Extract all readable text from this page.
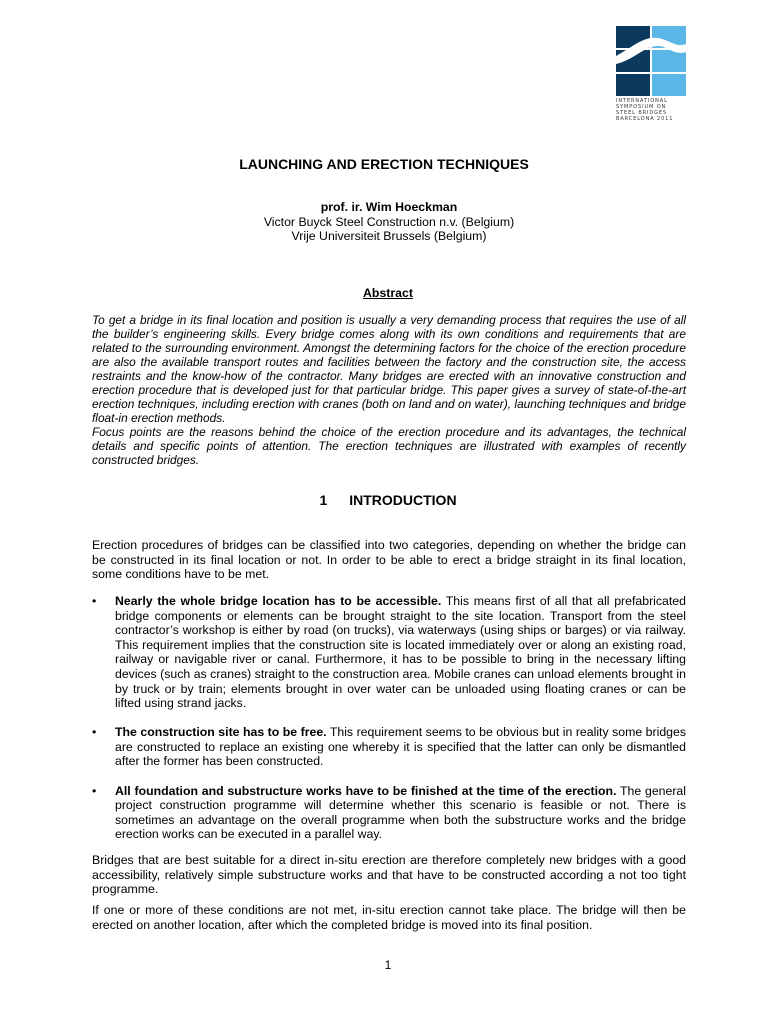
INTERNATIONAL
SYMPOSIUM ON
STEEL BRIDGES
BARCELONA 2011
LAUNCHING AND ERECTION TECHNIQUES
prof. ir. Wim Hoeckman
Victor Buyck Steel Construction n.v. (Belgium)
Vrije Universiteit Brussels (Belgium)
Abstract

To get a bridge in its final location and position is usually a very demanding process that requires the use of all the builder’s engineering skills. Every bridge comes along with its own conditions and requirements that are related to the surrounding environment. Amongst the determining factors for the choice of the erection procedure are also the available transport routes and facilities between the factory and the construction site, the access restraints and the know-how of the contractor. Many bridges are erected with an innovative construction and erection procedure that is developed just for that particular bridge. This paper gives a survey of state-of-the-art erection techniques, including erection with cranes (both on land and on water), launching techniques and bridge float-in erection methods.

Focus points are the reasons behind the choice of the erection procedure and its advantages, the technical details and specific points of attention. The erection techniques are illustrated with examples of recently constructed bridges.

1 INTRODUCTION

Erection procedures of bridges can be classified into two categories, depending on whether the bridge can be constructed in its final location or not. In order to be able to erect a bridge straight in its final location, some conditions have to be met.

• Nearly the whole bridge location has to be accessible. This means first of all that all prefabricated bridge components or elements can be brought straight to the site location. Transport from the steel contractor’s workshop is either by road (on trucks), via waterways (using ships or barges) or via railway. This requirement implies that the construction site is located immediately over or along an existing road, railway or navigable river or canal. Furthermore, it has to be possible to bring in the necessary lifting devices (such as cranes) straight to the construction area. Mobile cranes can unload elements brought in by truck or by train; elements brought in over water can be unloaded using floating cranes or can be lifted using strand jacks.
• The construction site has to be free. This requirement seems to be obvious but in reality some bridges are constructed to replace an existing one whereby it is specified that the latter can only be dismantled after the former has been constructed.
• All foundation and substructure works have to be finished at the time of the erection. The general project construction programme will determine whether this scenario is feasible or not. There is sometimes an advantage on the overall programme when both the substructure works and the bridge erection works can be executed in a parallel way.

Bridges that are best suitable for a direct in-situ erection are therefore completely new bridges with a good accessibility, relatively simple substructure works and that have to be constructed according a not too tight programme.

If one or more of these conditions are not met, in-situ erection cannot take place. The bridge will then be erected on another location, after which the completed bridge is moved into its final position.

1
